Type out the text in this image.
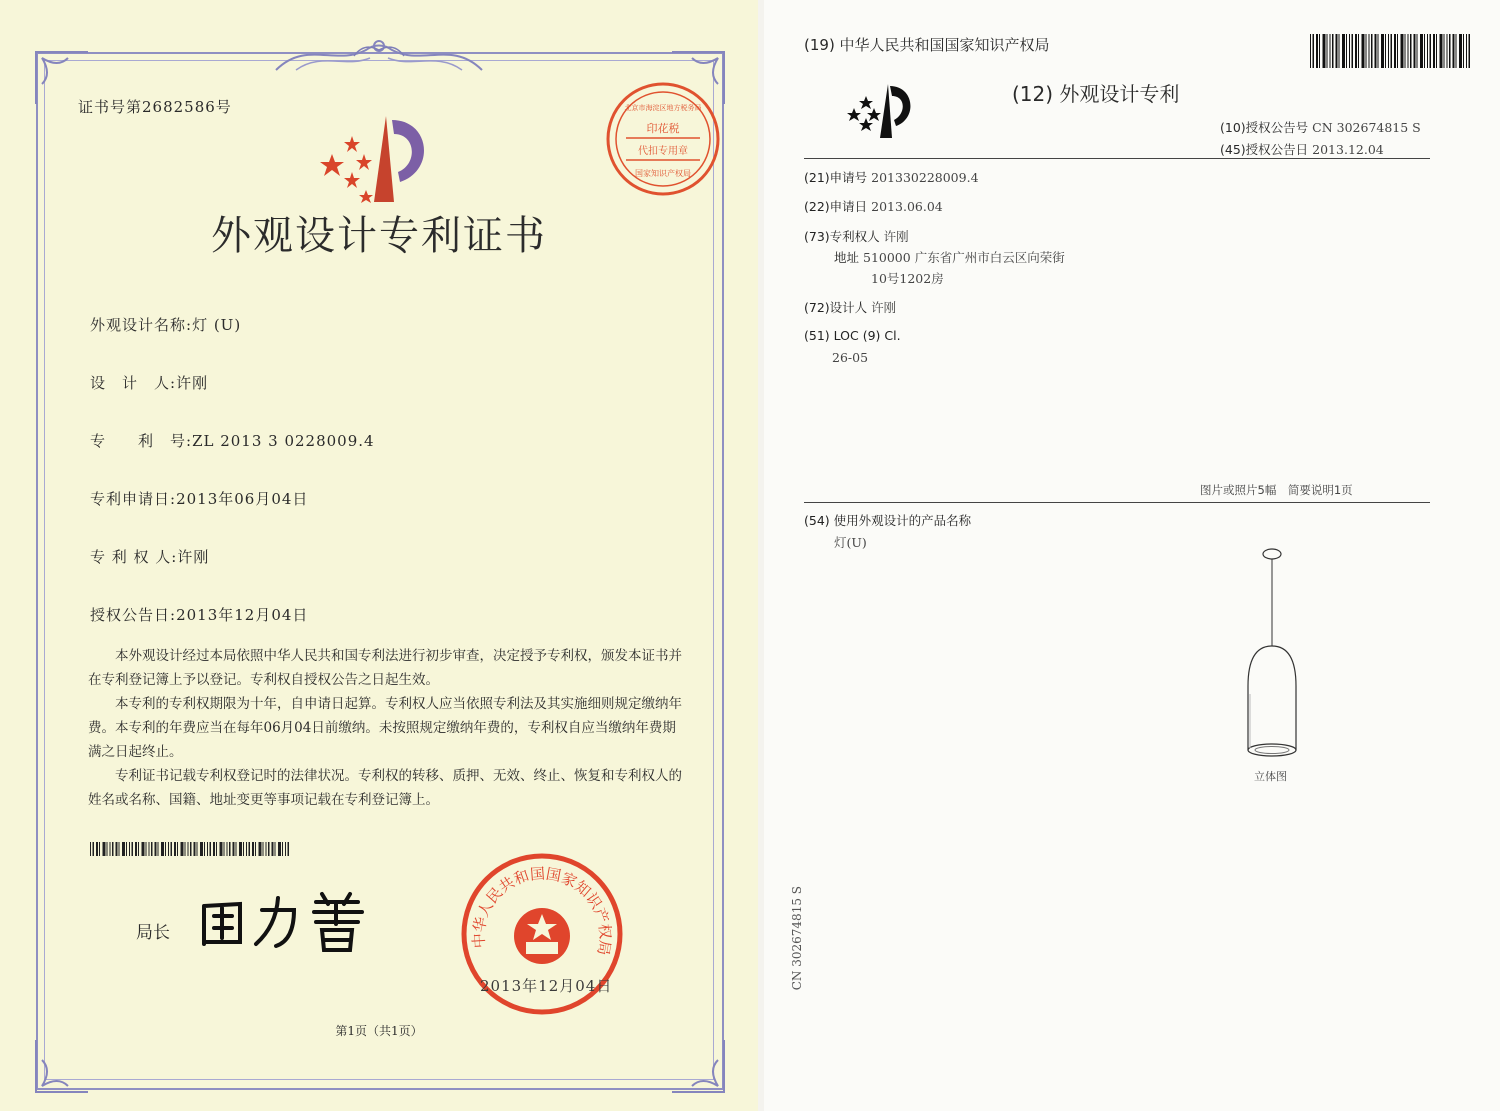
证书号第2682586号
印花税
代扣专用章
国家知识产权局
北京市海淀区地方税务局
外观设计专利证书
外观设计名称:灯 (U)
设　计　人:许刚
专　　利　号:ZL 2013 3 0228009.4
专利申请日:2013年06月04日
专 利 权 人:许刚
授权公告日:2013年12月04日

本外观设计经过本局依照中华人民共和国专利法进行初步审查，决定授予专利权，颁发本证书并在专利登记簿上予以登记。专利权自授权公告之日起生效。

本专利的专利权期限为十年，自申请日起算。专利权人应当依照专利法及其实施细则规定缴纳年费。本专利的年费应当在每年06月04日前缴纳。未按照规定缴纳年费的，专利权自应当缴纳年费期满之日起终止。

专利证书记载专利权登记时的法律状况。专利权的转移、质押、无效、终止、恢复和专利权人的姓名或名称、国籍、地址变更等事项记载在专利登记簿上。

局长	中华人民共和国国家知识产权局
2013年12月04日
第1页（共1页）
(19) 中华人民共和国国家知识产权局
(12) 外观设计专利
(10)授权公告号 CN 302674815 S
(45)授权公告日 2013.12.04
(21)申请号 201330228009.4
(22)申请日 2013.06.04
(73)专利权人 许刚
地址 510000 广东省广州市白云区向荣街
10号1202房
(72)设计人 许刚
(51) LOC (9) Cl.
26-05
图片或照片5幅　简要说明1页
(54) 使用外观设计的产品名称
灯(U)
立体图
CN 302674815 S
